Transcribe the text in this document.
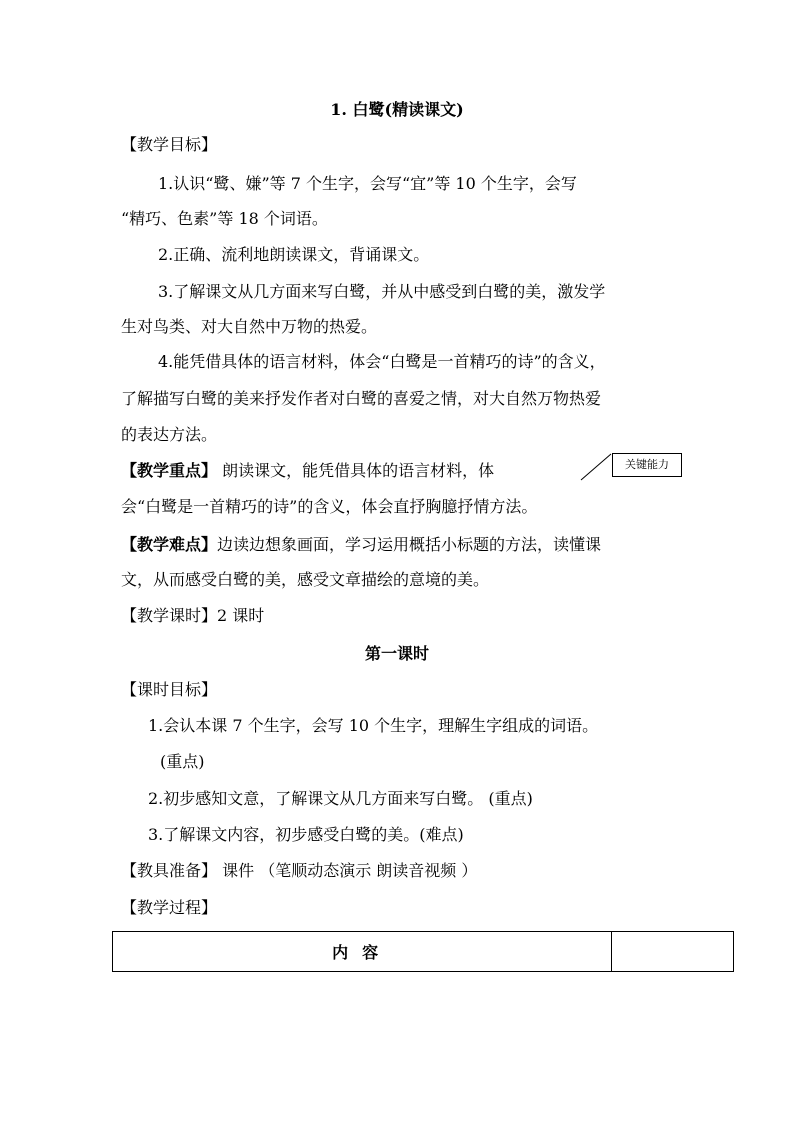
1. 白鹭(精读课文)
【教学目标】
1.认识“鹭、嫌”等 7 个生字，会写“宜”等 10 个生字，会写
“精巧、色素”等 18 个词语。
2.正确、流利地朗读课文，背诵课文。
3.了解课文从几方面来写白鹭，并从中感受到白鹭的美，激发学
生对鸟类、对大自然中万物的热爱。
4.能凭借具体的语言材料，体会“白鹭是一首精巧的诗”的含义，
了解描写白鹭的美来抒发作者对白鹭的喜爱之情，对大自然万物热爱
的表达方法。
【教学重点】 朗读课文，能凭借具体的语言材料，体	关键能力
会“白鹭是一首精巧的诗”的含义，体会直抒胸臆抒情方法。
【教学难点】边读边想象画面，学习运用概括小标题的方法，读懂课
文，从而感受白鹭的美，感受文章描绘的意境的美。
【教学课时】2 课时
第一课时
【课时目标】
1.会认本课 7 个生字，会写 10 个生字，理解生字组成的词语。
(重点)
2.初步感知文意，了解课文从几方面来写白鹭。 (重点)
3.了解课文内容，初步感受白鹭的美。(难点)
【教具准备】 课件 （笔顺动态演示 朗读音视频 ）
【教学过程】
内容	
